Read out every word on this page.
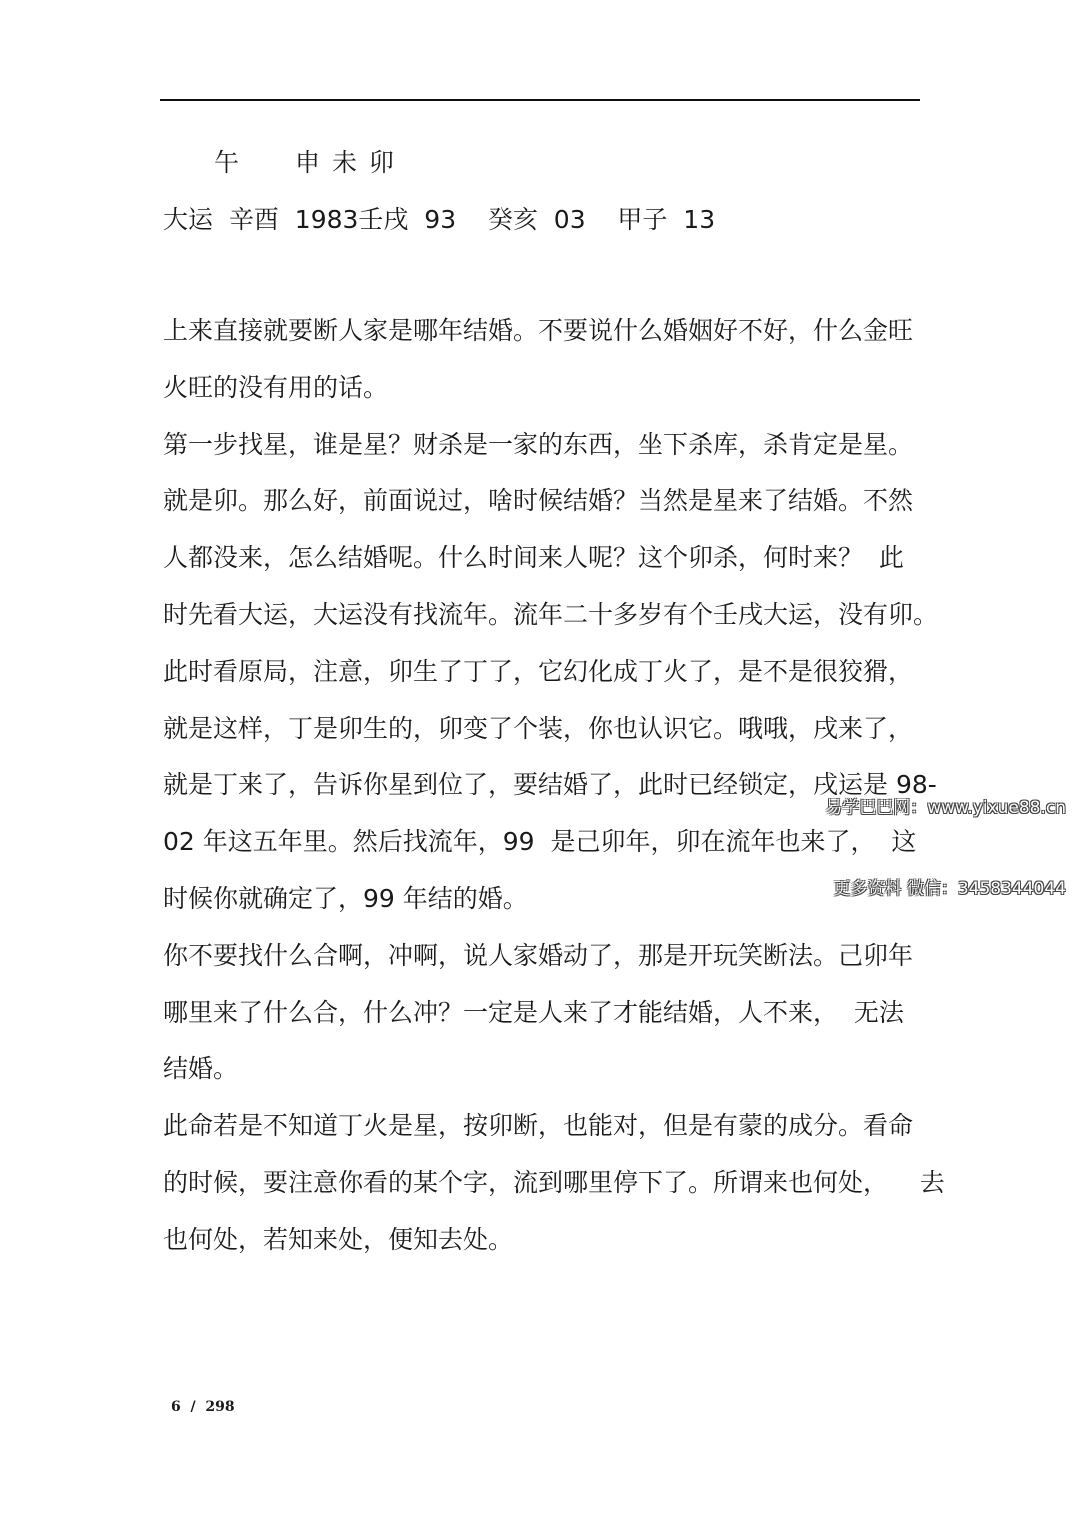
午　　申 未 卯
大运  辛酉  1983壬戌  93    癸亥  03    甲子  13
上来直接就要断人家是哪年结婚。不要说什么婚姻好不好，什么金旺
火旺的没有用的话。
第一步找星，谁是星？财杀是一家的东西，坐下杀库，杀肯定是星。
就是卯。那么好，前面说过，啥时候结婚？当然是星来了结婚。不然
人都没来，怎么结婚呢。什么时间来人呢？这个卯杀，何时来？  此
时先看大运，大运没有找流年。流年二十多岁有个壬戌大运，没有卯。
此时看原局，注意，卯生了丁了，它幻化成丁火了，是不是很狡猾，
就是这样，丁是卯生的，卯变了个装，你也认识它。哦哦，戌来了，
就是丁来了，告诉你星到位了，要结婚了，此时已经锁定，戌运是 98-
02 年这五年里。然后找流年，99  是己卯年，卯在流年也来了，  这
时候你就确定了，99 年结的婚。
你不要找什么合啊，冲啊，说人家婚动了，那是开玩笑断法。己卯年
哪里来了什么合，什么冲？一定是人来了才能结婚，人不来，  无法
结婚。
此命若是不知道丁火是星，按卯断，也能对，但是有蒙的成分。看命
的时候，要注意你看的某个字，流到哪里停下了。所谓来也何处，    去
也何处，若知来处，便知去处。

易学巴巴网：www.yixue88.cn

更多资料 微信：3458344044

6  /  298
